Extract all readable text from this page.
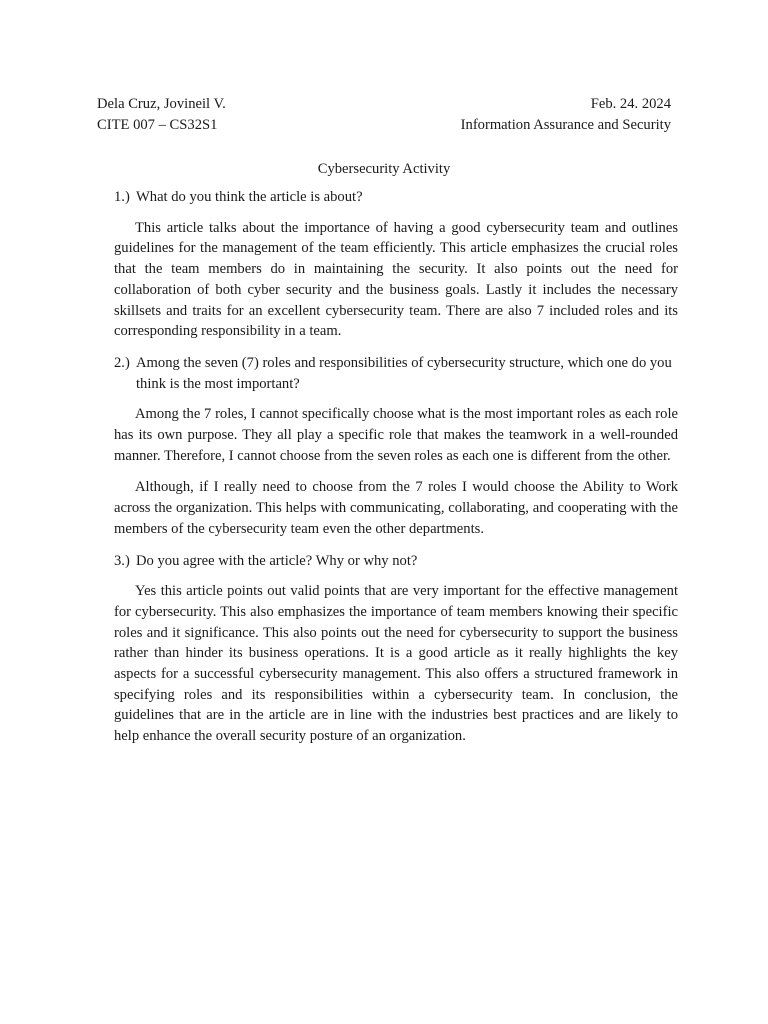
Dela Cruz, Jovineil V.	Feb. 24. 2024
CITE 007 – CS32S1	Information Assurance and Security
Cybersecurity Activity
1.) What do you think the article is about?

This article talks about the importance of having a good cybersecurity team and outlines guidelines for the management of the team efficiently. This article emphasizes the crucial roles that the team members do in maintaining the security. It also points out the need for collaboration of both cyber security and the business goals. Lastly it includes the necessary skillsets and traits for an excellent cybersecurity team. There are also 7 included roles and its corresponding responsibility in a team.

2.) Among the seven (7) roles and responsibilities of cybersecurity structure, which one do you think is the most important?

Among the 7 roles, I cannot specifically choose what is the most important roles as each role has its own purpose. They all play a specific role that makes the teamwork in a well-rounded manner. Therefore, I cannot choose from the seven roles as each one is different from the other.

Although, if I really need to choose from the 7 roles I would choose the Ability to Work across the organization. This helps with communicating, collaborating, and cooperating with the members of the cybersecurity team even the other departments.

3.) Do you agree with the article? Why or why not?

Yes this article points out valid points that are very important for the effective management for cybersecurity. This also emphasizes the importance of team members knowing their specific roles and it significance. This also points out the need for cybersecurity to support the business rather than hinder its business operations. It is a good article as it really highlights the key aspects for a successful cybersecurity management. This also offers a structured framework in specifying roles and its responsibilities within a cybersecurity team. In conclusion, the guidelines that are in the article are in line with the industries best practices and are likely to help enhance the overall security posture of an organization.
